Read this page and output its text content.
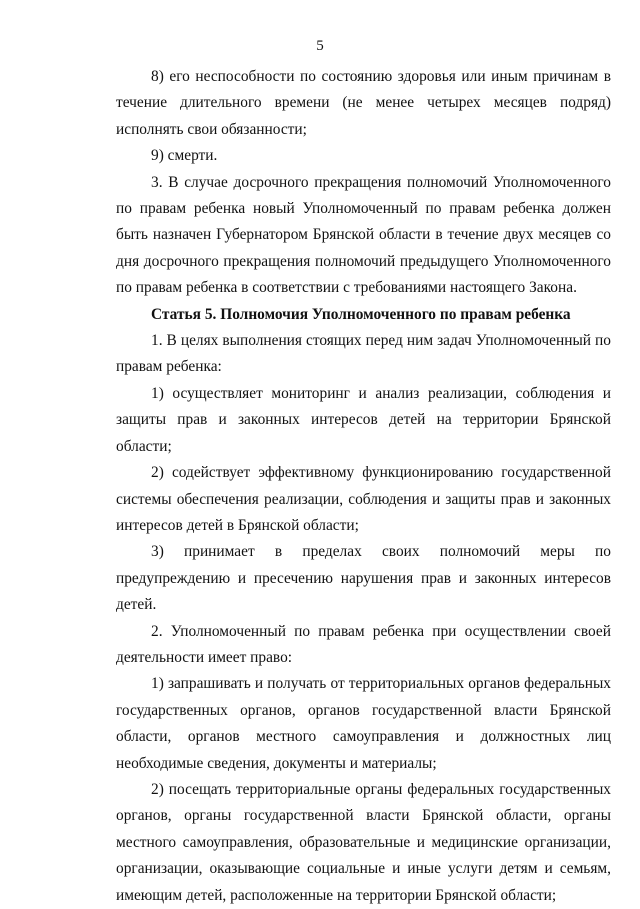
5

8) его неспособности по состоянию здоровья или иным причинам в течение длительного времени (не менее четырех месяцев подряд) исполнять свои обязанности;

9) смерти.

3. В случае досрочного прекращения полномочий Уполномоченного по правам ребенка новый Уполномоченный по правам ребенка должен быть назначен Губернатором Брянской области в течение двух месяцев со дня досрочного прекращения полномочий предыдущего Уполномоченного по правам ребенка в соответствии с требованиями настоящего Закона.

Статья 5. Полномочия Уполномоченного по правам ребенка

1. В целях выполнения стоящих перед ним задач Уполномоченный по правам ребенка:

1) осуществляет мониторинг и анализ реализации, соблюдения и защиты прав и законных интересов детей на территории Брянской области;

2) содействует эффективному функционированию государственной системы обеспечения реализации, соблюдения и защиты прав и законных интересов детей в Брянской области;

3) принимает в пределах своих полномочий меры по предупреждению и пресечению нарушения прав и законных интересов детей.

2. Уполномоченный по правам ребенка при осуществлении своей деятельности имеет право:

1) запрашивать и получать от территориальных органов федеральных государственных органов, органов государственной власти Брянской области, органов местного самоуправления и должностных лиц необходимые сведения, документы и материалы;

2) посещать территориальные органы федеральных государственных органов, органы государственной власти Брянской области, органы местного самоуправления, образовательные и медицинские организации, организации, оказывающие социальные и иные услуги детям и семьям, имеющим детей, расположенные на территории Брянской области;
